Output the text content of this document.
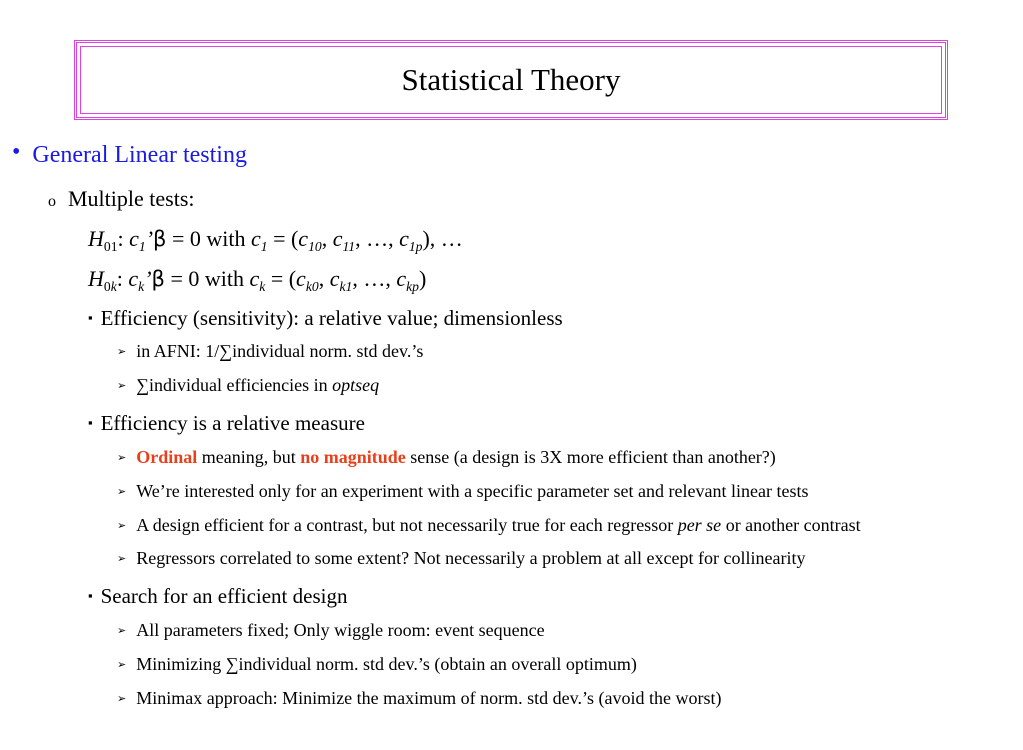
Statistical Theory
• General Linear testing
o Multiple tests:
$H_{01}$: $c_1’\beta = 0$ with $c_1 = (c_{10}$, $c_{11}$, …, $c_{1p}$), …
$H_{0k}$: $c_k’\beta = 0$ with $c_k = (c_{k0}$, $c_{k1}$, …, $c_{kp}$)
▪ Efficiency (sensitivity): a relative value; dimensionless
➢ in AFNI: 1/∑individual norm. std dev.’s
➢ ∑individual efficiencies in optseq
▪ Efficiency is a relative measure
➢ Ordinal meaning, but no magnitude sense (a design is 3X more efficient than another?)
➢ We’re interested only for an experiment with a specific parameter set and relevant linear tests
➢ A design efficient for a contrast, but not necessarily true for each regressor per se or another contrast
➢ Regressors correlated to some extent? Not necessarily a problem at all except for collinearity
▪ Search for an efficient design
➢ All parameters fixed; Only wiggle room: event sequence
➢ Minimizing ∑individual norm. std dev.’s (obtain an overall optimum)
➢ Minimax approach: Minimize the maximum of norm. std dev.’s (avoid the worst)
